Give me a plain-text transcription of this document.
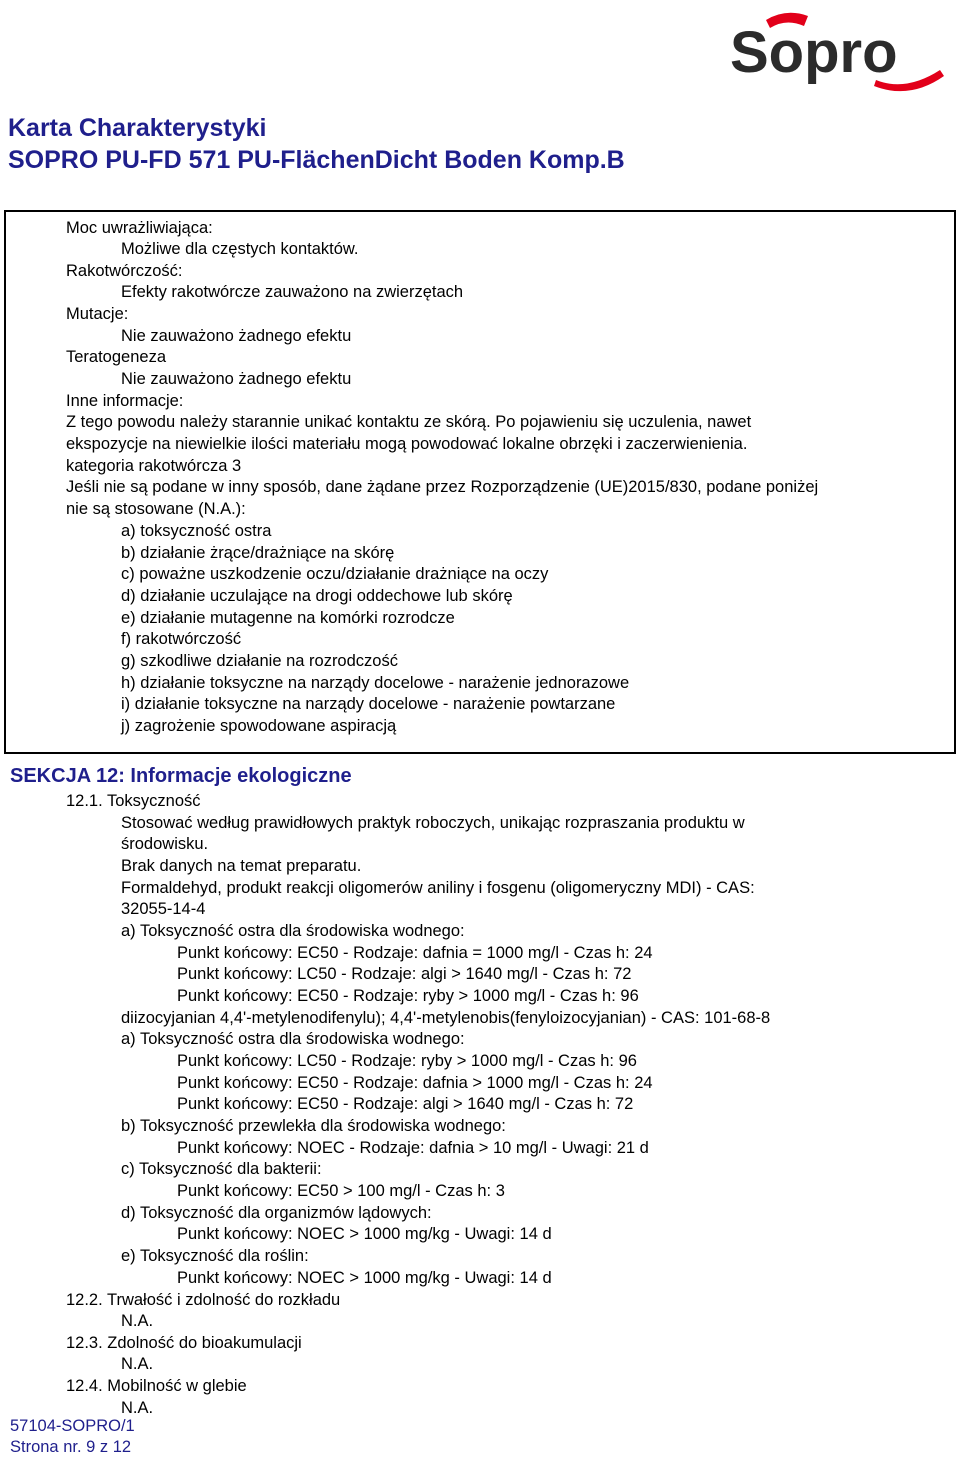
Sopro
Karta Charakterystyki
SOPRO PU-FD 571 PU-FlächenDicht Boden Komp.B
Moc uwrażliwiająca:
Możliwe dla częstych kontaktów.
Rakotwórczość:
Efekty rakotwórcze zauważono na zwierzętach
Mutacje:
Nie zauważono żadnego efektu
Teratogeneza
Nie zauważono żadnego efektu
Inne informacje:
Z tego powodu należy starannie unikać kontaktu ze skórą. Po pojawieniu się uczulenia, nawet
ekspozycje na niewielkie ilości materiału mogą powodować lokalne obrzęki i zaczerwienienia.
kategoria rakotwórcza 3
Jeśli nie są podane w inny sposób, dane żądane przez Rozporządzenie (UE)2015/830, podane poniżej
nie są stosowane (N.A.):
a) toksyczność ostra
b) działanie żrące/drażniące na skórę
c) poważne uszkodzenie oczu/działanie drażniące na oczy
d) działanie uczulające na drogi oddechowe lub skórę
e) działanie mutagenne na komórki rozrodcze
f) rakotwórczość
g) szkodliwe działanie na rozrodczość
h) działanie toksyczne na narządy docelowe - narażenie jednorazowe
i) działanie toksyczne na narządy docelowe - narażenie powtarzane
j) zagrożenie spowodowane aspiracją
SEKCJA 12: Informacje ekologiczne
12.1. Toksyczność
Stosować według prawidłowych praktyk roboczych, unikając rozpraszania produktu w
środowisku.
Brak danych na temat preparatu.
Formaldehyd, produkt reakcji oligomerów aniliny i fosgenu (oligomeryczny MDI) - CAS:
32055-14-4
a) Toksyczność ostra dla środowiska wodnego:
Punkt końcowy: EC50 - Rodzaje: dafnia = 1000 mg/l - Czas h: 24
Punkt końcowy: LC50 - Rodzaje: algi > 1640 mg/l - Czas h: 72
Punkt końcowy: EC50 - Rodzaje: ryby > 1000 mg/l - Czas h: 96
diizocyjanian 4,4'-metylenodifenylu); 4,4'-metylenobis(fenyloizocyjanian) - CAS: 101-68-8
a) Toksyczność ostra dla środowiska wodnego:
Punkt końcowy: LC50 - Rodzaje: ryby > 1000 mg/l - Czas h: 96
Punkt końcowy: EC50 - Rodzaje: dafnia > 1000 mg/l - Czas h: 24
Punkt końcowy: EC50 - Rodzaje: algi > 1640 mg/l - Czas h: 72
b) Toksyczność przewlekła dla środowiska wodnego:
Punkt końcowy: NOEC - Rodzaje: dafnia > 10 mg/l - Uwagi: 21 d
c) Toksyczność dla bakterii:
Punkt końcowy: EC50 > 100 mg/l - Czas h: 3
d) Toksyczność dla organizmów lądowych:
Punkt końcowy: NOEC > 1000 mg/kg - Uwagi: 14 d
e) Toksyczność dla roślin:
Punkt końcowy: NOEC > 1000 mg/kg - Uwagi: 14 d
12.2. Trwałość i zdolność do rozkładu
N.A.
12.3. Zdolność do bioakumulacji
N.A.
12.4. Mobilność w glebie
N.A.
57104-SOPRO/1
Strona nr. 9 z 12
